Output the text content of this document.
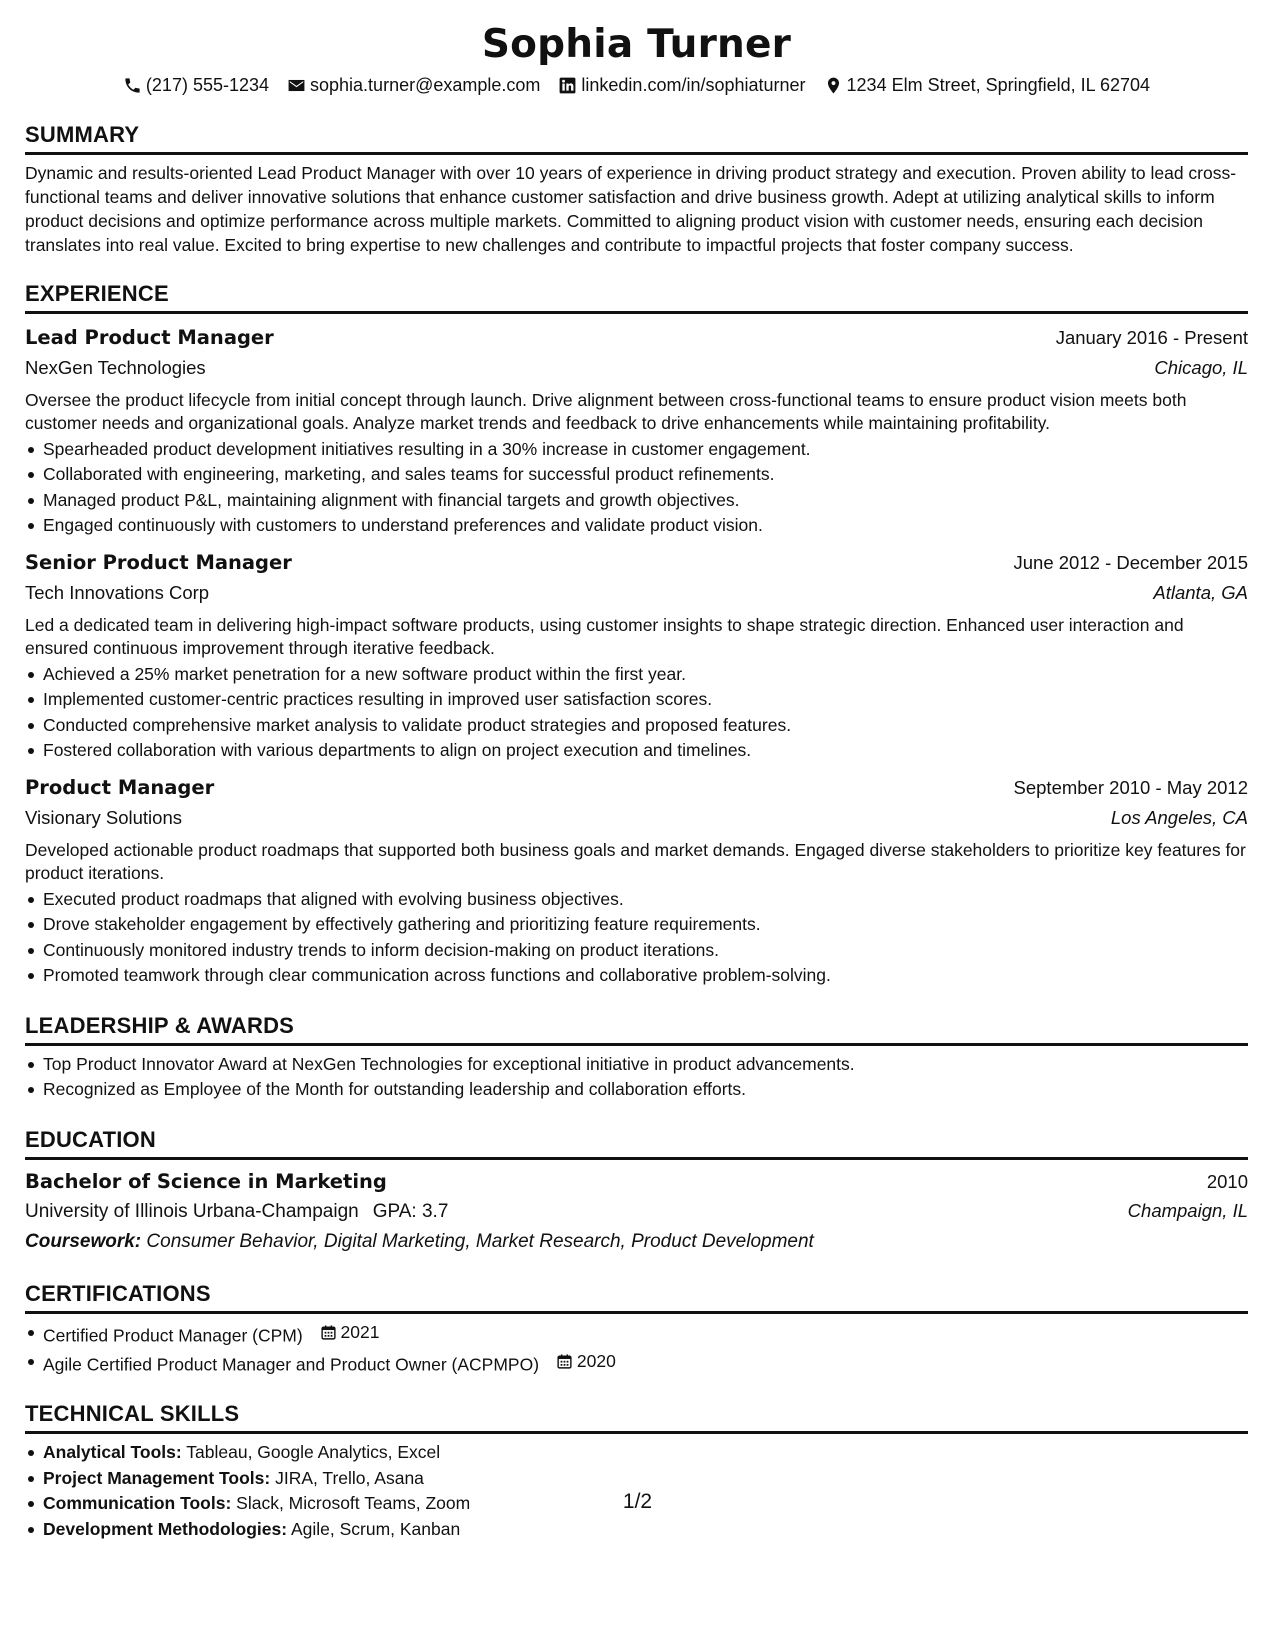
Sophia Turner
(217) 555-1234 sophia.turner@example.com linkedin.com/in/sophiaturner 1234 Elm Street, Springfield, IL 62704
SUMMARY

Dynamic and results-oriented Lead Product Manager with over 10 years of experience in driving product strategy and execution. Proven ability to lead cross-functional teams and deliver innovative solutions that enhance customer satisfaction and drive business growth. Adept at utilizing analytical skills to inform product decisions and optimize performance across multiple markets. Committed to aligning product vision with customer needs, ensuring each decision translates into real value. Excited to bring expertise to new challenges and contribute to impactful projects that foster company success.

EXPERIENCE
Lead Product Manager	January 2016 - Present
NexGen Technologies	Chicago, IL

Oversee the product lifecycle from initial concept through launch. Drive alignment between cross-functional teams to ensure product vision meets both customer needs and organizational goals. Analyze market trends and feedback to drive enhancements while maintaining profitability.

Spearheaded product development initiatives resulting in a 30% increase in customer engagement.
Collaborated with engineering, marketing, and sales teams for successful product refinements.
Managed product P&L, maintaining alignment with financial targets and growth objectives.
Engaged continuously with customers to understand preferences and validate product vision.
Senior Product Manager	June 2012 - December 2015
Tech Innovations Corp	Atlanta, GA

Led a dedicated team in delivering high-impact software products, using customer insights to shape strategic direction. Enhanced user interaction and ensured continuous improvement through iterative feedback.

Achieved a 25% market penetration for a new software product within the first year.
Implemented customer-centric practices resulting in improved user satisfaction scores.
Conducted comprehensive market analysis to validate product strategies and proposed features.
Fostered collaboration with various departments to align on project execution and timelines.
Product Manager	September 2010 - May 2012
Visionary Solutions	Los Angeles, CA

Developed actionable product roadmaps that supported both business goals and market demands. Engaged diverse stakeholders to prioritize key features for product iterations.

Executed product roadmaps that aligned with evolving business objectives.
Drove stakeholder engagement by effectively gathering and prioritizing feature requirements.
Continuously monitored industry trends to inform decision-making on product iterations.
Promoted teamwork through clear communication across functions and collaborative problem-solving.
LEADERSHIP & AWARDS
Top Product Innovator Award at NexGen Technologies for exceptional initiative in product advancements.
Recognized as Employee of the Month for outstanding leadership and collaboration efforts.
EDUCATION
Bachelor of Science in Marketing	2010
University of Illinois Urbana-Champaign GPA: 3.7	Champaign, IL
Coursework: Consumer Behavior, Digital Marketing, Market Research, Product Development
CERTIFICATIONS
Certified Product Manager (CPM) 2021
Agile Certified Product Manager and Product Owner (ACPMPO) 2020
TECHNICAL SKILLS
Analytical Tools: Tableau, Google Analytics, Excel
Project Management Tools: JIRA, Trello, Asana
Communication Tools: Slack, Microsoft Teams, Zoom
Development Methodologies: Agile, Scrum, Kanban
1/2
